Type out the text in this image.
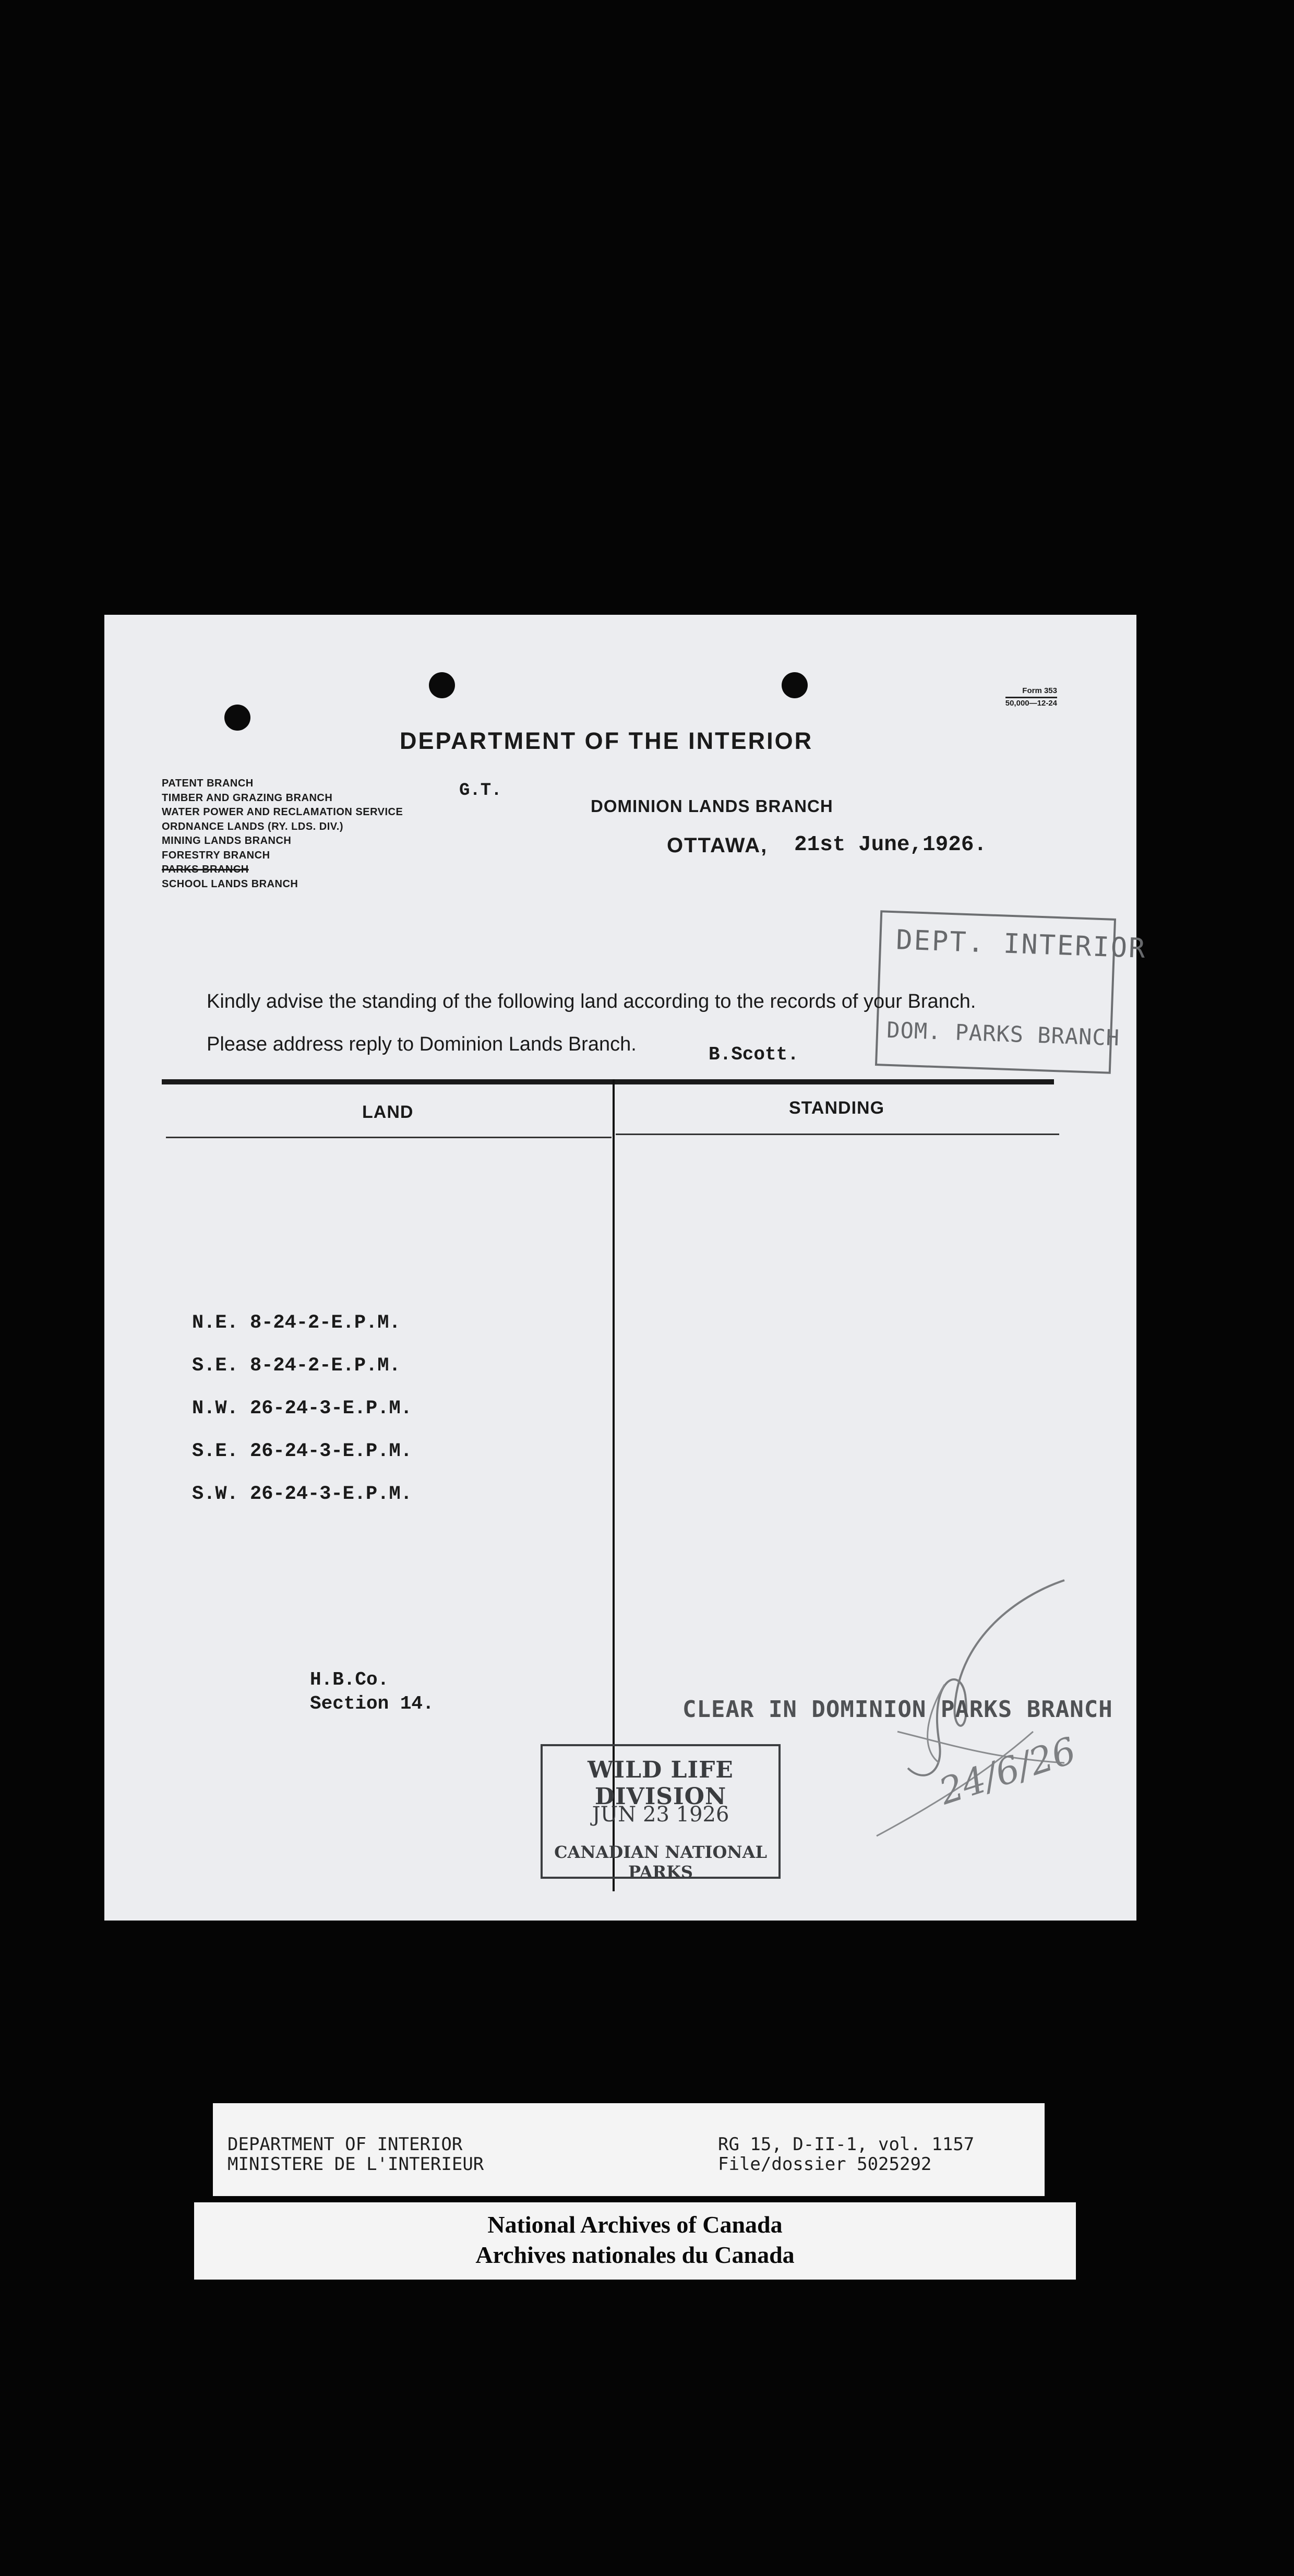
Form 353
50,000—12-24
DEPARTMENT OF THE INTERIOR
PATENT BRANCH
TIMBER AND GRAZING BRANCH
WATER POWER AND RECLAMATION SERVICE
ORDNANCE LANDS (RY. LDS. DIV.)
MINING LANDS BRANCH
FORESTRY BRANCH
PARKS BRANCH
SCHOOL LANDS BRANCH
G.T.
DOMINION LANDS BRANCH
OTTAWA, 21st June,1926.
DEPT. INTERIOR
DOM. PARKS BRANCH
Kindly advise the standing of the following land according to the records of your Branch.
Please address reply to Dominion Lands Branch.	B.Scott.
LAND	STANDING
N.E. 8-24-2-E.P.M.
S.E. 8-24-2-E.P.M.
N.W. 26-24-3-E.P.M.
S.E. 26-24-3-E.P.M.
S.W. 26-24-3-E.P.M.
H.B.Co.
Section 14.
24/6/26
CLEAR IN DOMINION PARKS BRANCH
WILD LIFE DIVISION
JUN 23 1926
CANADIAN NATIONAL PARKS
DEPARTMENT OF INTERIOR
MINISTERE DE L'INTERIEUR
RG 15, D-II-1, vol. 1157
File/dossier 5025292
National Archives of Canada
Archives nationales du Canada
